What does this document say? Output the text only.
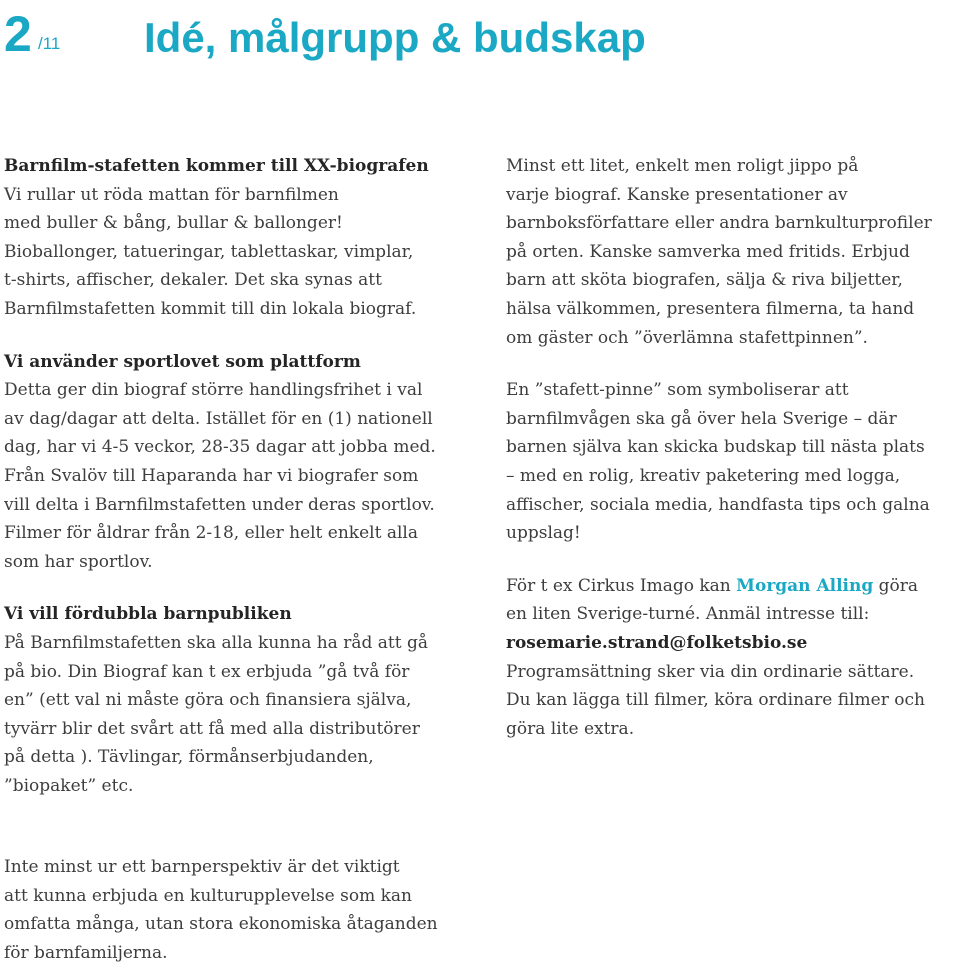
2 /11 Idé, målgrupp & budskap
Barnfilm-stafetten kommer till XX-biografen
Vi rullar ut röda mattan för barnfilmen
med buller & bång, bullar & ballonger!
Bioballonger, tatueringar, tablettaskar, vimplar,
t-shirts, affischer, dekaler. Det ska synas att
Barnfilmstafetten kommit till din lokala biograf.
Vi använder sportlovet som plattform
Detta ger din biograf större handlingsfrihet i val
av dag/dagar att delta. Istället för en (1) nationell
dag, har vi 4-5 veckor, 28-35 dagar att jobba med.
Från Svalöv till Haparanda har vi biografer som
vill delta i Barnfilmstafetten under deras sportlov.
Filmer för åldrar från 2-18, eller helt enkelt alla
som har sportlov.
Vi vill fördubbla barnpubliken
På Barnfilmstafetten ska alla kunna ha råd att gå
på bio. Din Biograf kan t ex erbjuda ”gå två för
en” (ett val ni måste göra och finansiera själva,
tyvärr blir det svårt att få med alla distributörer
på detta ). Tävlingar, förmånserbjudanden,
”biopaket” etc.
Inte minst ur ett barnperspektiv är det viktigt
att kunna erbjuda en kulturupplevelse som kan
omfatta många, utan stora ekonomiska åtaganden
för barnfamiljerna.
Minst ett litet, enkelt men roligt jippo på
varje biograf. Kanske presentationer av
barnboksförfattare eller andra barnkulturprofiler
på orten. Kanske samverka med fritids. Erbjud
barn att sköta biografen, sälja & riva biljetter,
hälsa välkommen, presentera filmerna, ta hand
om gäster och ”överlämna stafettpinnen”.
En ”stafett-pinne” som symboliserar att
barnfilmvågen ska gå över hela Sverige – där
barnen själva kan skicka budskap till nästa plats
– med en rolig, kreativ paketering med logga,
affischer, sociala media, handfasta tips och galna
uppslag!
För t ex Cirkus Imago kan Morgan Alling göra
en liten Sverige-turné. Anmäl intresse till:
rosemarie.strand@folketsbio.se
Programsättning sker via din ordinarie sättare.
Du kan lägga till filmer, köra ordinare filmer och
göra lite extra.
